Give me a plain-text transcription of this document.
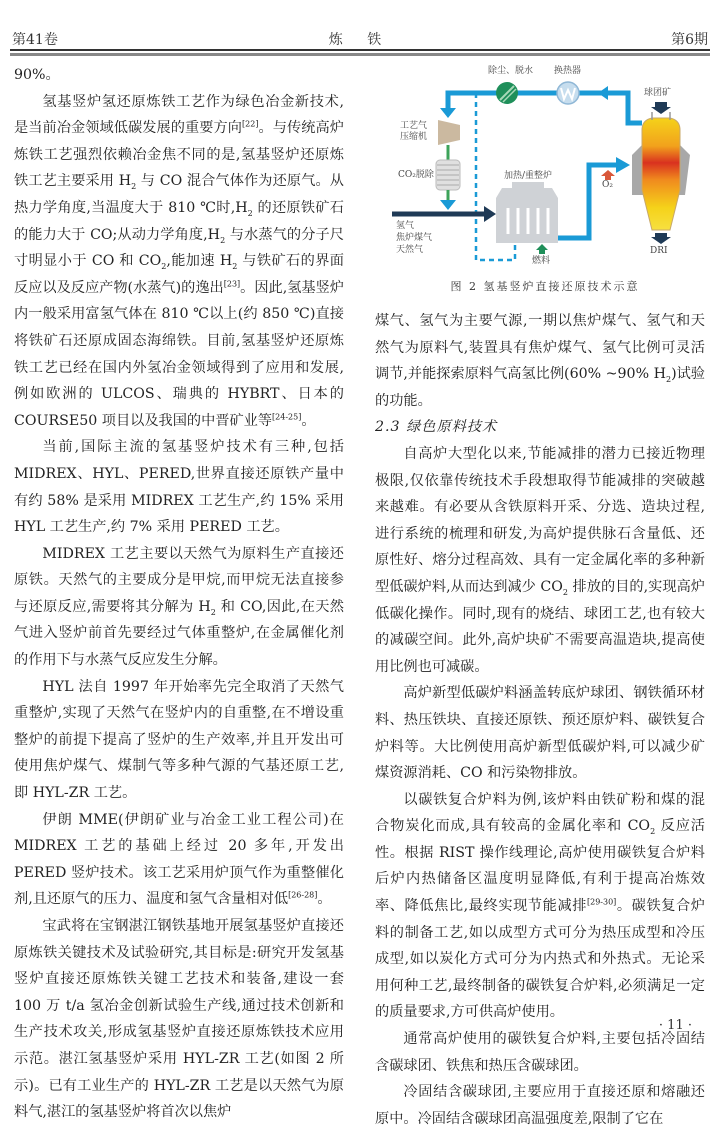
第41卷	炼 铁	第6期

90%。

氢基竖炉氢还原炼铁工艺作为绿色冶金新技术,是当前冶金领域低碳发展的重要方向[22]。与传统高炉炼铁工艺强烈依赖冶金焦不同的是,氢基竖炉还原炼铁工艺主要采用 $H_2$ 与 CO 混合气体作为还原气。从热力学角度,当温度大于 810 ℃时$,H_2$ 的还原铁矿石的能力大于 CO;从动力学角度$,H_2$ 与水蒸气的分子尺寸明显小于 CO 和 $CO_2$,能加速 $H_2$ 与铁矿石的界面反应以及反应产物(水蒸气)的逸出[23]。因此,氢基竖炉内一般采用富氢气体在 810 ℃以上(约 850 ℃)直接将铁矿石还原成固态海绵铁。目前,氢基竖炉还原炼铁工艺已经在国内外氢冶金领域得到了应用和发展,例如欧洲的 ULCOS、瑞典的 HYBRT、日本的 COURSE50 项目以及我国的中晋矿业等[24-25]。

当前,国际主流的氢基竖炉技术有三种,包括 MIDREX、HYL、PERED,世界直接还原铁产量中有约 58% 是采用 MIDREX 工艺生产,约 15% 采用 HYL 工艺生产,约 7% 采用 PERED 工艺。

MIDREX 工艺主要以天然气为原料生产直接还原铁。天然气的主要成分是甲烷,而甲烷无法直接参与还原反应,需要将其分解为 $H_2$ 和 CO,因此,在天然气进入竖炉前首先要经过气体重整炉,在金属催化剂的作用下与水蒸气反应发生分解。

HYL 法自 1997 年开始率先完全取消了天然气重整炉,实现了天然气在竖炉内的自重整,在不增设重整炉的前提下提高了竖炉的生产效率,并且开发出可使用焦炉煤气、煤制气等多种气源的气基还原工艺,即 HYL-ZR 工艺。

伊朗 MME(伊朗矿业与冶金工业工程公司)在 MIDREX 工艺的基础上经过 20 多年,开发出 PERED 竖炉技术。该工艺采用炉顶气作为重整催化剂,且还原气的压力、温度和氢气含量相对低[26-28]。

宝武将在宝钢湛江钢铁基地开展氢基竖炉直接还原炼铁关键技术及试验研究,其目标是:研究开发氢基竖炉直接还原炼铁关键工艺技术和装备,建设一套 100 万 t/a 氢冶金创新试验生产线,通过技术创新和生产技术攻关,形成氢基竖炉直接还原炼铁技术应用示范。湛江氢基竖炉采用 HYL-ZR 工艺(如图 2 所示)。已有工业生产的 HYL-ZR 工艺是以天然气为原料气,湛江的氢基竖炉将首次以焦炉

除尘、脱水 换热器
球团矿
工艺气
压缩机
CO₂脱除	加热/重整炉
O₂
氢气
焦炉煤气
天然气
燃料
DRI
图 2 氢基竖炉直接还原技术示意

煤气、氢气为主要气源,一期以焦炉煤气、氢气和天然气为原料气,装置具有焦炉煤气、氢气比例可灵活调节,并能探索原料气高氢比例(60% ~90% $H_2$)试验的功能。

2.3 绿色原料技术

自高炉大型化以来,节能减排的潜力已接近物理极限,仅依靠传统技术手段想取得节能减排的突破越来越难。有必要从含铁原料开采、分选、造块过程,进行系统的梳理和研发,为高炉提供脉石含量低、还原性好、熔分过程高效、具有一定金属化率的多种新型低碳炉料,从而达到减少 $CO_2$ 排放的目的,实现高炉低碳化操作。同时,现有的烧结、球团工艺,也有较大的减碳空间。此外,高炉块矿不需要高温造块,提高使用比例也可减碳。

高炉新型低碳炉料涵盖转底炉球团、钢铁循环材料、热压铁块、直接还原铁、预还原炉料、碳铁复合炉料等。大比例使用高炉新型低碳炉料,可以减少矿煤资源消耗、CO 和污染物排放。

以碳铁复合炉料为例,该炉料由铁矿粉和煤的混合物炭化而成,具有较高的金属化率和 $CO_2$ 反应活性。根据 RIST 操作线理论,高炉使用碳铁复合炉料后炉内热储备区温度明显降低,有利于提高冶炼效率、降低焦比,最终实现节能减排[29-30]。碳铁复合炉料的制备工艺,如以成型方式可分为热压成型和冷压成型,如以炭化方式可分为内热式和外热式。无论采用何种工艺,最终制备的碳铁复合炉料,必须满足一定的质量要求,方可供高炉使用。

通常高炉使用的碳铁复合炉料,主要包括冷固结含碳球团、铁焦和热压含碳球团。

冷固结含碳球团,主要应用于直接还原和熔融还原中。冷固结含碳球团高温强度差,限制了它在

· 11 ·
